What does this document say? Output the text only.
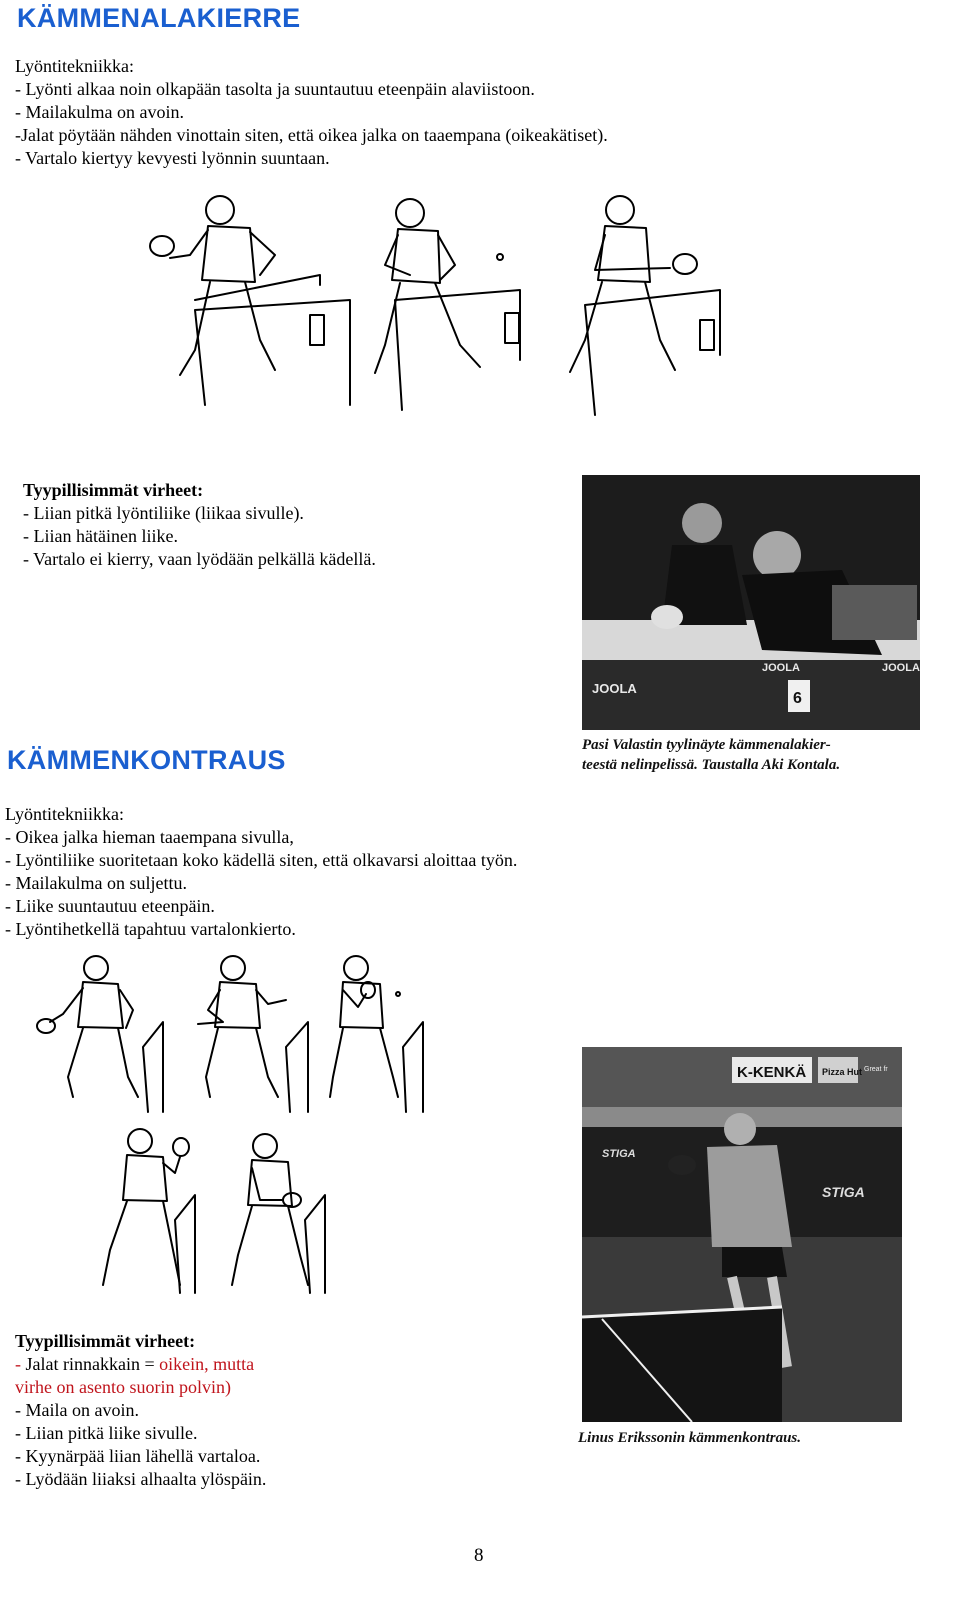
KÄMMENALAKIERRE
Lyöntitekniikka:
- Lyönti alkaa noin olkapään tasolta ja suuntautuu eteenpäin alaviistoon.
- Mailakulma on avoin.
-Jalat pöytään nähden vinottain siten, että oikea jalka on taaempana (oikeakätiset).
- Vartalo kiertyy kevyesti lyönnin suuntaan.
Tyypillisimmät virheet:
- Liian pitkä lyöntiliike (liikaa sivulle).
- Liian hätäinen liike.
- Vartalo ei kierry, vaan lyödään pelkällä kädellä.
JOOLA
JOOLA	JOOLA
6
Pasi Valastin tyylinäyte kämmenalakier-
teestä nelinpelissä. Taustalla Aki Kontala.
KÄMMENKONTRAUS
Lyöntitekniikka:
- Oikea jalka hieman taaempana sivulla,
- Lyöntiliike suoritetaan koko kädellä siten, että olkavarsi aloittaa työn.
- Mailakulma on suljettu.
- Liike suuntautuu eteenpäin.
- Lyöntihetkellä tapahtuu vartalonkierto.
K-KENKÄ Pizza Hut Great fr
STIGA
STIGA
Linus Erikssonin kämmenkontraus.
Tyypillisimmät virheet:
- Jalat rinnakkain = oikein, mutta
virhe on asento suorin polvin)
- Maila on avoin.
- Liian pitkä liike sivulle.
- Kyynärpää liian lähellä vartaloa.
- Lyödään liiaksi alhaalta ylöspäin.
8
